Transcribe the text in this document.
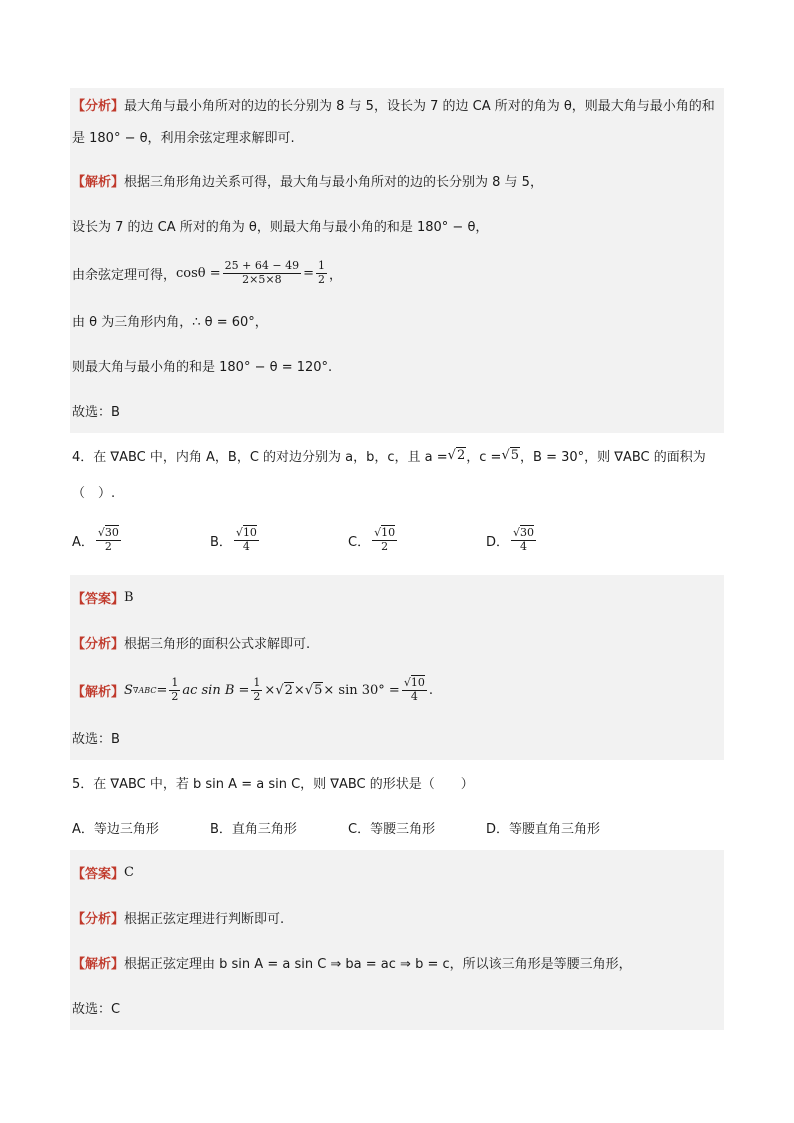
【分析】最大角与最小角所对的边的长分别为 8 与 5，设长为 7 的边 CA 所对的角为 θ，则最大角与最小角的和是 180° − θ，利用余弦定理求解即可.
【解析】 根据三角形角边关系可得，最大角与最小角所对的边的长分别为 8 与 5，
设长为 7 的边 CA 所对的角为 θ，则最大角与最小角的和是 180° − θ，
由余弦定理可得， $\cos\theta = \frac{25 + 64 - 49}{2\times 5\times 8} = \frac{1}{2}$ ，
由 θ 为三角形内角，∴ θ = 60°，
则最大角与最小角的和是 180° − θ = 120°.
故选：B
4．在 ∇ABC 中，内角 A，B，C 的对边分别为 a，b，c，且 a = √ 2 ，c = √ 5 ，B = 30°，则 ∇ABC 的面积为
（　）.
A． $\frac{√30}{2}$	B． $\frac{√10}{4}$	C． $\frac{√10}{2}$	D． $\frac{√30}{4}$
【答案】 B
【分析】 根据三角形的面积公式求解即可.
【解析】 S $\nabla ABC = \frac{1}{2}$ ac $\sin B = \frac{1}{2}$ × √ 2 × √ $5 \times \sin 30^\circ = \frac{√10}{4}$ .
故选：B
5．在 ∇ABC 中，若 b sin A = a sin C，则 ∇ABC 的形状是（　　）
A．等边三角形	B．直角三角形	C．等腰三角形	D．等腰直角三角形
【答案】 C
【分析】 根据正弦定理进行判断即可.
【解析】 根据正弦定理由 b sin A = a sin C ⇒ ba = ac ⇒ b = c，所以该三角形是等腰三角形，
故选：C
